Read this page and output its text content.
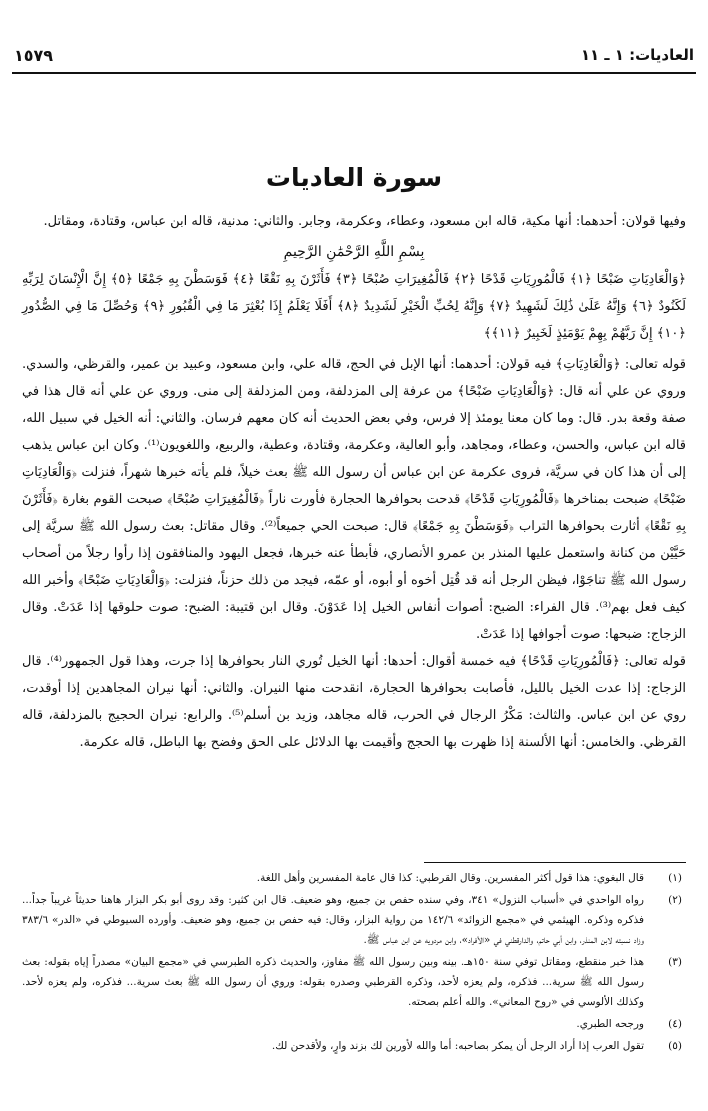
العاديات: ١ ـ ١١
١٥٧٩
سورة العاديات

وفيها قولان: أحدهما: أنها مكية، قاله ابن مسعود، وعطاء، وعكرمة، وجابر. والثاني: مدنية، قاله ابن عباس، وقتادة، ومقاتل.

بِسْمِ اللَّهِ الرَّحْمَٰنِ الرَّحِيمِ

﴿وَالْعَادِيَاتِ ضَبْحًا ﴿١﴾ فَالْمُورِيَاتِ قَدْحًا ﴿٢﴾ فَالْمُغِيرَاتِ صُبْحًا ﴿٣﴾ فَأَثَرْنَ بِهِ نَقْعًا ﴿٤﴾ فَوَسَطْنَ بِهِ جَمْعًا ﴿٥﴾ إِنَّ الْإِنْسَانَ لِرَبِّهِ لَكَنُودٌ ﴿٦﴾ وَإِنَّهُ عَلَىٰ ذَٰلِكَ لَشَهِيدٌ ﴿٧﴾ وَإِنَّهُ لِحُبِّ الْخَيْرِ لَشَدِيدٌ ﴿٨﴾ أَفَلَا يَعْلَمُ إِذَا بُعْثِرَ مَا فِي الْقُبُورِ ﴿٩﴾ وَحُصِّلَ مَا فِي الصُّدُورِ ﴿١٠﴾ إِنَّ رَبَّهُمْ بِهِمْ يَوْمَئِذٍ لَخَبِيرٌ ﴿١١﴾﴾

قوله تعالى: ﴿وَالْعَادِيَاتِ﴾ فيه قولان: أحدهما: أنها الإبل في الحج، قاله علي، وابن مسعود، وعبيد بن عمير، والقرظي، والسدي. وروي عن علي أنه قال: ﴿وَالْعَادِيَاتِ ضَبْحًا﴾ من عرفة إلى المزدلفة، ومن المزدلفة إلى منى. وروي عن علي أنه قال هذا في صفة وقعة بدر. قال: وما كان معنا يومئذ إلا فرس، وفي بعض الحديث أنه كان معهم فرسان. والثاني: أنه الخيل في سبيل الله، قاله ابن عباس، والحسن، وعطاء، ومجاهد، وأبو العالية، وعكرمة، وقتادة، وعطية، والربيع، واللغويون⁽¹⁾. وكان ابن عباس يذهب إلى أن هذا كان في سريَّة، فروى عكرمة عن ابن عباس أن رسول الله ﷺ بعث خيلاً، فلم يأته خبرها شهراً، فنزلت ﴿وَالْعَادِيَاتِ ضَبْحًا﴾ ضبحت بمناخرها ﴿فَالْمُورِيَاتِ قَدْحًا﴾ قدحت بحوافرها الحجارة فأورت ناراً ﴿فَالْمُغِيرَاتِ صُبْحًا﴾ صبحت القوم بغارة ﴿فَأَثَرْنَ بِهِ نَقْعًا﴾ أثارت بحوافرها التراب ﴿فَوَسَطْنَ بِهِ جَمْعًا﴾ قال: صبحت الحي جميعاً⁽²⁾. وقال مقاتل: بعث رسول الله ﷺ سريَّة إلى حَيَّيْن من كنانة واستعمل عليها المنذر بن عمرو الأنصاري، فأبطأ عنه خبرها، فجعل اليهود والمنافقون إذا رأوا رجلاً من أصحاب رسول الله ﷺ تناجَوْا، فيظن الرجل أنه قد قُتِل أخوه أو أبوه، أو عمّه، فيجد من ذلك حزناً، فنزلت: ﴿وَالْعَادِيَاتِ ضَبْحًا﴾ وأخبر الله كيف فعل بهم⁽³⁾. قال الفراء: الضبح: أصوات أنفاس الخيل إذا عَدَوْنَ. وقال ابن قتيبة: الضبح: صوت حلوقها إذا عَدَتْ. وقال الزجاج: ضبحها: صوت أجوافها إذا عَدَتْ.

قوله تعالى: ﴿فَالْمُورِيَاتِ قَدْحًا﴾ فيه خمسة أقوال: أحدها: أنها الخيل تُوري النار بحوافرها إذا جرت، وهذا قول الجمهور⁽⁴⁾. قال الزجاج: إذا عدت الخيل بالليل، فأصابت بحوافرها الحجارة، انقدحت منها النيران. والثاني: أنها نيران المجاهدين إذا أوقدت، روي عن ابن عباس. والثالث: مَكْرُ الرجال في الحرب، قاله مجاهد، وزيد بن أسلم⁽⁵⁾. والرابع: نيران الحجيج بالمزدلفة، قاله القرظي. والخامس: أنها الألسنة إذا ظهرت بها الحجج وأقيمت بها الدلائل على الحق وفضح بها الباطل، قاله عكرمة.

(١)
قال البغوي: هذا قول أكثر المفسرين. وقال القرطبي: كذا قال عامة المفسرين وأهل اللغة.
(٢)
رواه الواحدي في «أسباب النزول» ٣٤١، وفي سنده حفص بن جميع، وهو ضعيف. قال ابن كثير: وقد روى أبو بكر البزار هاهنا حديثاً غريباً جداً... فذكره وذكره. الهيثمي في «مجمع الزوائد» ١٤٢/٦ من رواية البزار، وقال: فيه حفص بن جميع، وهو ضعيف. وأورده السيوطي في «الدر» ٣٨٣/٦ وزاد نسبته لابن المنذر، وابن أبي حاتم، والدارقطني في «الأفراد»، وابن مردويه عن ابن عباس ﷺ.
(٣)
هذا خبر منقطع، ومقاتل توفي سنة ١٥٠هـ. بينه وبين رسول الله ﷺ مفاوز، والحديث ذكره الطبرسي في «مجمع البيان» مصدراً إياه بقوله: بعث رسول الله ﷺ سرية... فذكره، ولم يعزه لأحد، وذكره القرطبي وصدره بقوله: وروي أن رسول الله ﷺ بعث سرية... فذكره، ولم يعزه لأحد. وكذلك الألوسي في «روح المعاني». والله أعلم بصحته.
(٤)
ورجحه الطبري.
(٥)
تقول العرب إذا أراد الرجل أن يمكر بصاحبه: أما والله لأورين لك بزند وارٍ، ولأقدحن لك.
